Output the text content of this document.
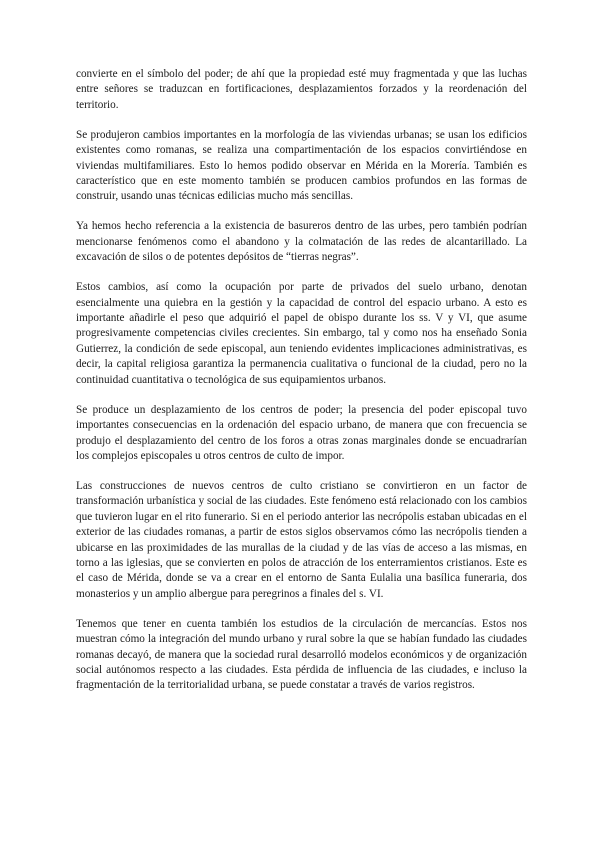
convierte en el símbolo del poder; de ahí que la propiedad esté muy fragmentada y que las luchas entre señores se traduzcan en fortificaciones, desplazamientos forzados y la reordenación del territorio.

Se produjeron cambios importantes en la morfología de las viviendas urbanas; se usan los edificios existentes como romanas, se realiza una compartimentación de los espacios convirtiéndose en viviendas multifamiliares. Esto lo hemos podido observar en Mérida en la Morería. También es característico que en este momento también se producen cambios profundos en las formas de construir, usando unas técnicas edilicias mucho más sencillas.

Ya hemos hecho referencia a la existencia de basureros dentro de las urbes, pero también podrían mencionarse fenómenos como el abandono y la colmatación de las redes de alcantarillado. La excavación de silos o de potentes depósitos de “tierras negras”.

Estos cambios, así como la ocupación por parte de privados del suelo urbano, denotan esencialmente una quiebra en la gestión y la capacidad de control del espacio urbano. A esto es importante añadirle el peso que adquirió el papel de obispo durante los ss. V y VI, que asume progresivamente competencias civiles crecientes. Sin embargo, tal y como nos ha enseñado Sonia Gutierrez, la condición de sede episcopal, aun teniendo evidentes implicaciones administrativas, es decir, la capital religiosa garantiza la permanencia cualitativa o funcional de la ciudad, pero no la continuidad cuantitativa o tecnológica de sus equipamientos urbanos.

Se produce un desplazamiento de los centros de poder; la presencia del poder episcopal tuvo importantes consecuencias en la ordenación del espacio urbano, de manera que con frecuencia se produjo el desplazamiento del centro de los foros a otras zonas marginales donde se encuadrarían los complejos episcopales u otros centros de culto de impor.

Las construcciones de nuevos centros de culto cristiano se convirtieron en un factor de transformación urbanística y social de las ciudades. Este fenómeno está relacionado con los cambios que tuvieron lugar en el rito funerario. Si en el periodo anterior las necrópolis estaban ubicadas en el exterior de las ciudades romanas, a partir de estos siglos observamos cómo las necrópolis tienden a ubicarse en las proximidades de las murallas de la ciudad y de las vías de acceso a las mismas, en torno a las iglesias, que se convierten en polos de atracción de los enterramientos cristianos. Este es el caso de Mérida, donde se va a crear en el entorno de Santa Eulalia una basílica funeraria, dos monasterios y un amplio albergue para peregrinos a finales del s. VI.

Tenemos que tener en cuenta también los estudios de la circulación de mercancías. Estos nos muestran cómo la integración del mundo urbano y rural sobre la que se habían fundado las ciudades romanas decayó, de manera que la sociedad rural desarrolló modelos económicos y de organización social autónomos respecto a las ciudades. Esta pérdida de influencia de las ciudades, e incluso la fragmentación de la territorialidad urbana, se puede constatar a través de varios registros.
